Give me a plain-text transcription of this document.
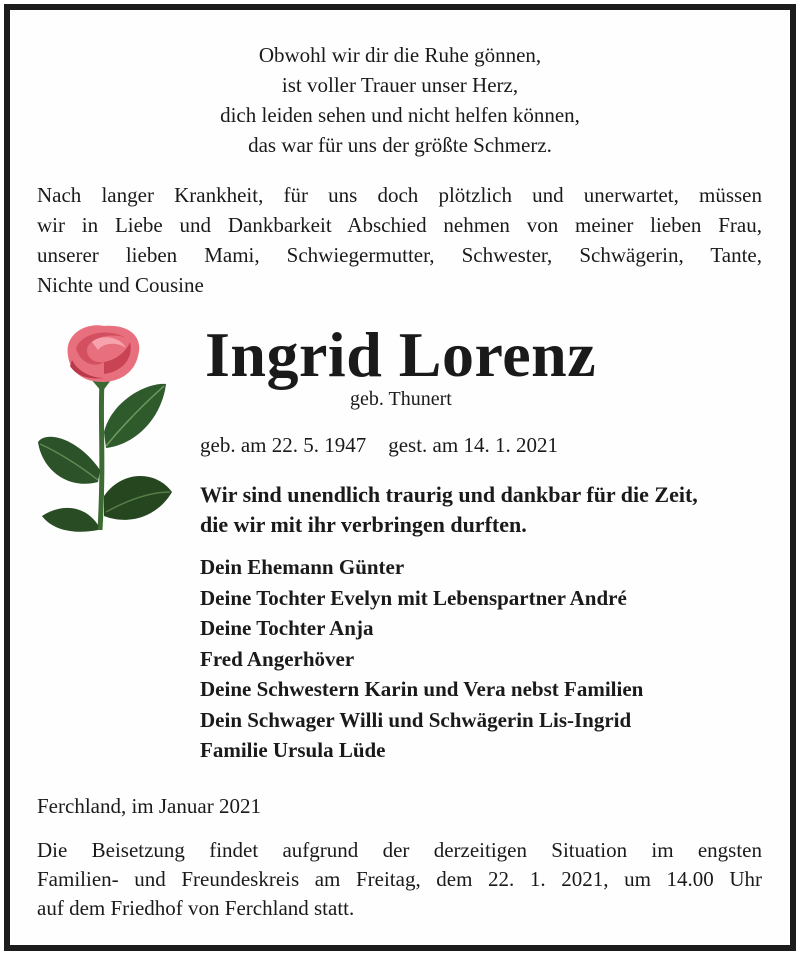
Obwohl wir dir die Ruhe gönnen,
ist voller Trauer unser Herz,
dich leiden sehen und nicht helfen können,
das war für uns der größte Schmerz.
Nach langer Krankheit, für uns doch plötzlich und unerwartet, müssen
wir in Liebe und Dankbarkeit Abschied nehmen von meiner lieben Frau,
unserer lieben Mami, Schwiegermutter, Schwester, Schwägerin, Tante,
Nichte und Cousine
Ingrid Lorenz
geb. Thunert
geb. am 22. 5. 1947 gest. am 14. 1. 2021
Wir sind unendlich traurig und dankbar für die Zeit,
die wir mit ihr verbringen durften.
Dein Ehemann Günter
Deine Tochter Evelyn mit Lebenspartner André
Deine Tochter Anja
Fred Angerhöver
Deine Schwestern Karin und Vera nebst Familien
Dein Schwager Willi und Schwägerin Lis-Ingrid
Familie Ursula Lüde
Ferchland, im Januar 2021
Die Beisetzung findet aufgrund der derzeitigen Situation im engsten
Familien- und Freundeskreis am Freitag, dem 22. 1. 2021, um 14.00 Uhr
auf dem Friedhof von Ferchland statt.
